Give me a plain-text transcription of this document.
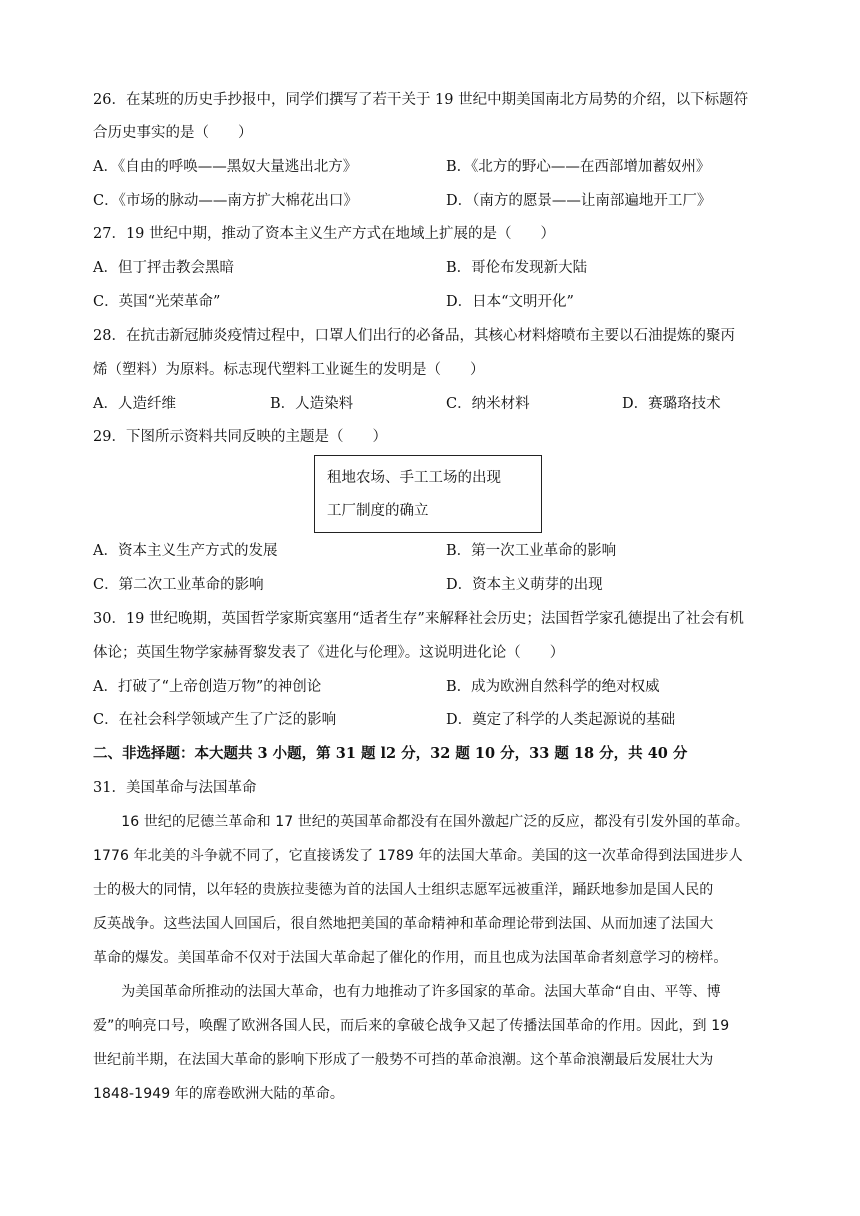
26．在某班的历史手抄报中，同学们撰写了若干关于 19 世纪中期美国南北方局势的介绍，以下标题符
合历史事实的是（　　）
A．《自由的呼唤——黑奴大量逃出北方》	B．《北方的野心——在西部增加蓄奴州》
C．《市场的脉动——南方扩大棉花出口》	D．（南方的愿景——让南部遍地开工厂》
27．19 世纪中期，推动了资本主义生产方式在地域上扩展的是（　　）
A．但丁抨击教会黑暗	B．哥伦布发现新大陆
C．英国“光荣革命”	D．日本“文明开化”
28．在抗击新冠肺炎疫情过程中，口罩人们出行的必备品，其核心材料熔喷布主要以石油提炼的聚丙
烯（塑料）为原料。标志现代塑料工业诞生的发明是（　　）
A．人造纤维	B．人造染料	C．纳米材料	D．赛璐珞技术
29．下图所示资料共同反映的主题是（　　）
租地农场、手工工场的出现
工厂制度的确立
A．资本主义生产方式的发展	B．第一次工业革命的影响
C．第二次工业革命的影响	D．资本主义萌芽的出现
30．19 世纪晚期，英国哲学家斯宾塞用“适者生存”来解释社会历史；法国哲学家孔德提出了社会有机
体论；英国生物学家赫胥黎发表了《进化与伦理》。这说明进化论（　　）
A．打破了“上帝创造万物”的神创论	B．成为欧洲自然科学的绝对权威
C．在社会科学领域产生了广泛的影响	D．奠定了科学的人类起源说的基础
二、非选择题：本大题共 3 小题，第 31 题 l2 分，32 题 10 分，33 题 18 分，共 40 分
31．美国革命与法国革命
　　16 世纪的尼德兰革命和 17 世纪的英国革命都没有在国外激起广泛的反应，都没有引发外国的革命。
1776 年北美的斗争就不同了，它直接诱发了 1789 年的法国大革命。美国的这一次革命得到法国进步人
士的极大的同情，以年轻的贵族拉斐德为首的法国人士组织志愿军远被重洋，踊跃地参加是国人民的
反英战争。这些法国人回国后，很自然地把美国的革命精神和革命理论带到法国、从而加速了法国大
革命的爆发。美国革命不仅对于法国大革命起了催化的作用，而且也成为法国革命者刻意学习的榜样。
　　为美国革命所推动的法国大革命，也有力地推动了许多国家的革命。法国大革命“自由、平等、博
爱”的响亮口号，唤醒了欧洲各国人民，而后来的拿破仑战争又起了传播法国革命的作用。因此，到 19
世纪前半期，在法国大革命的影响下形成了一般势不可挡的革命浪潮。这个革命浪潮最后发展壮大为
1848-1949 年的席卷欧洲大陆的革命。
